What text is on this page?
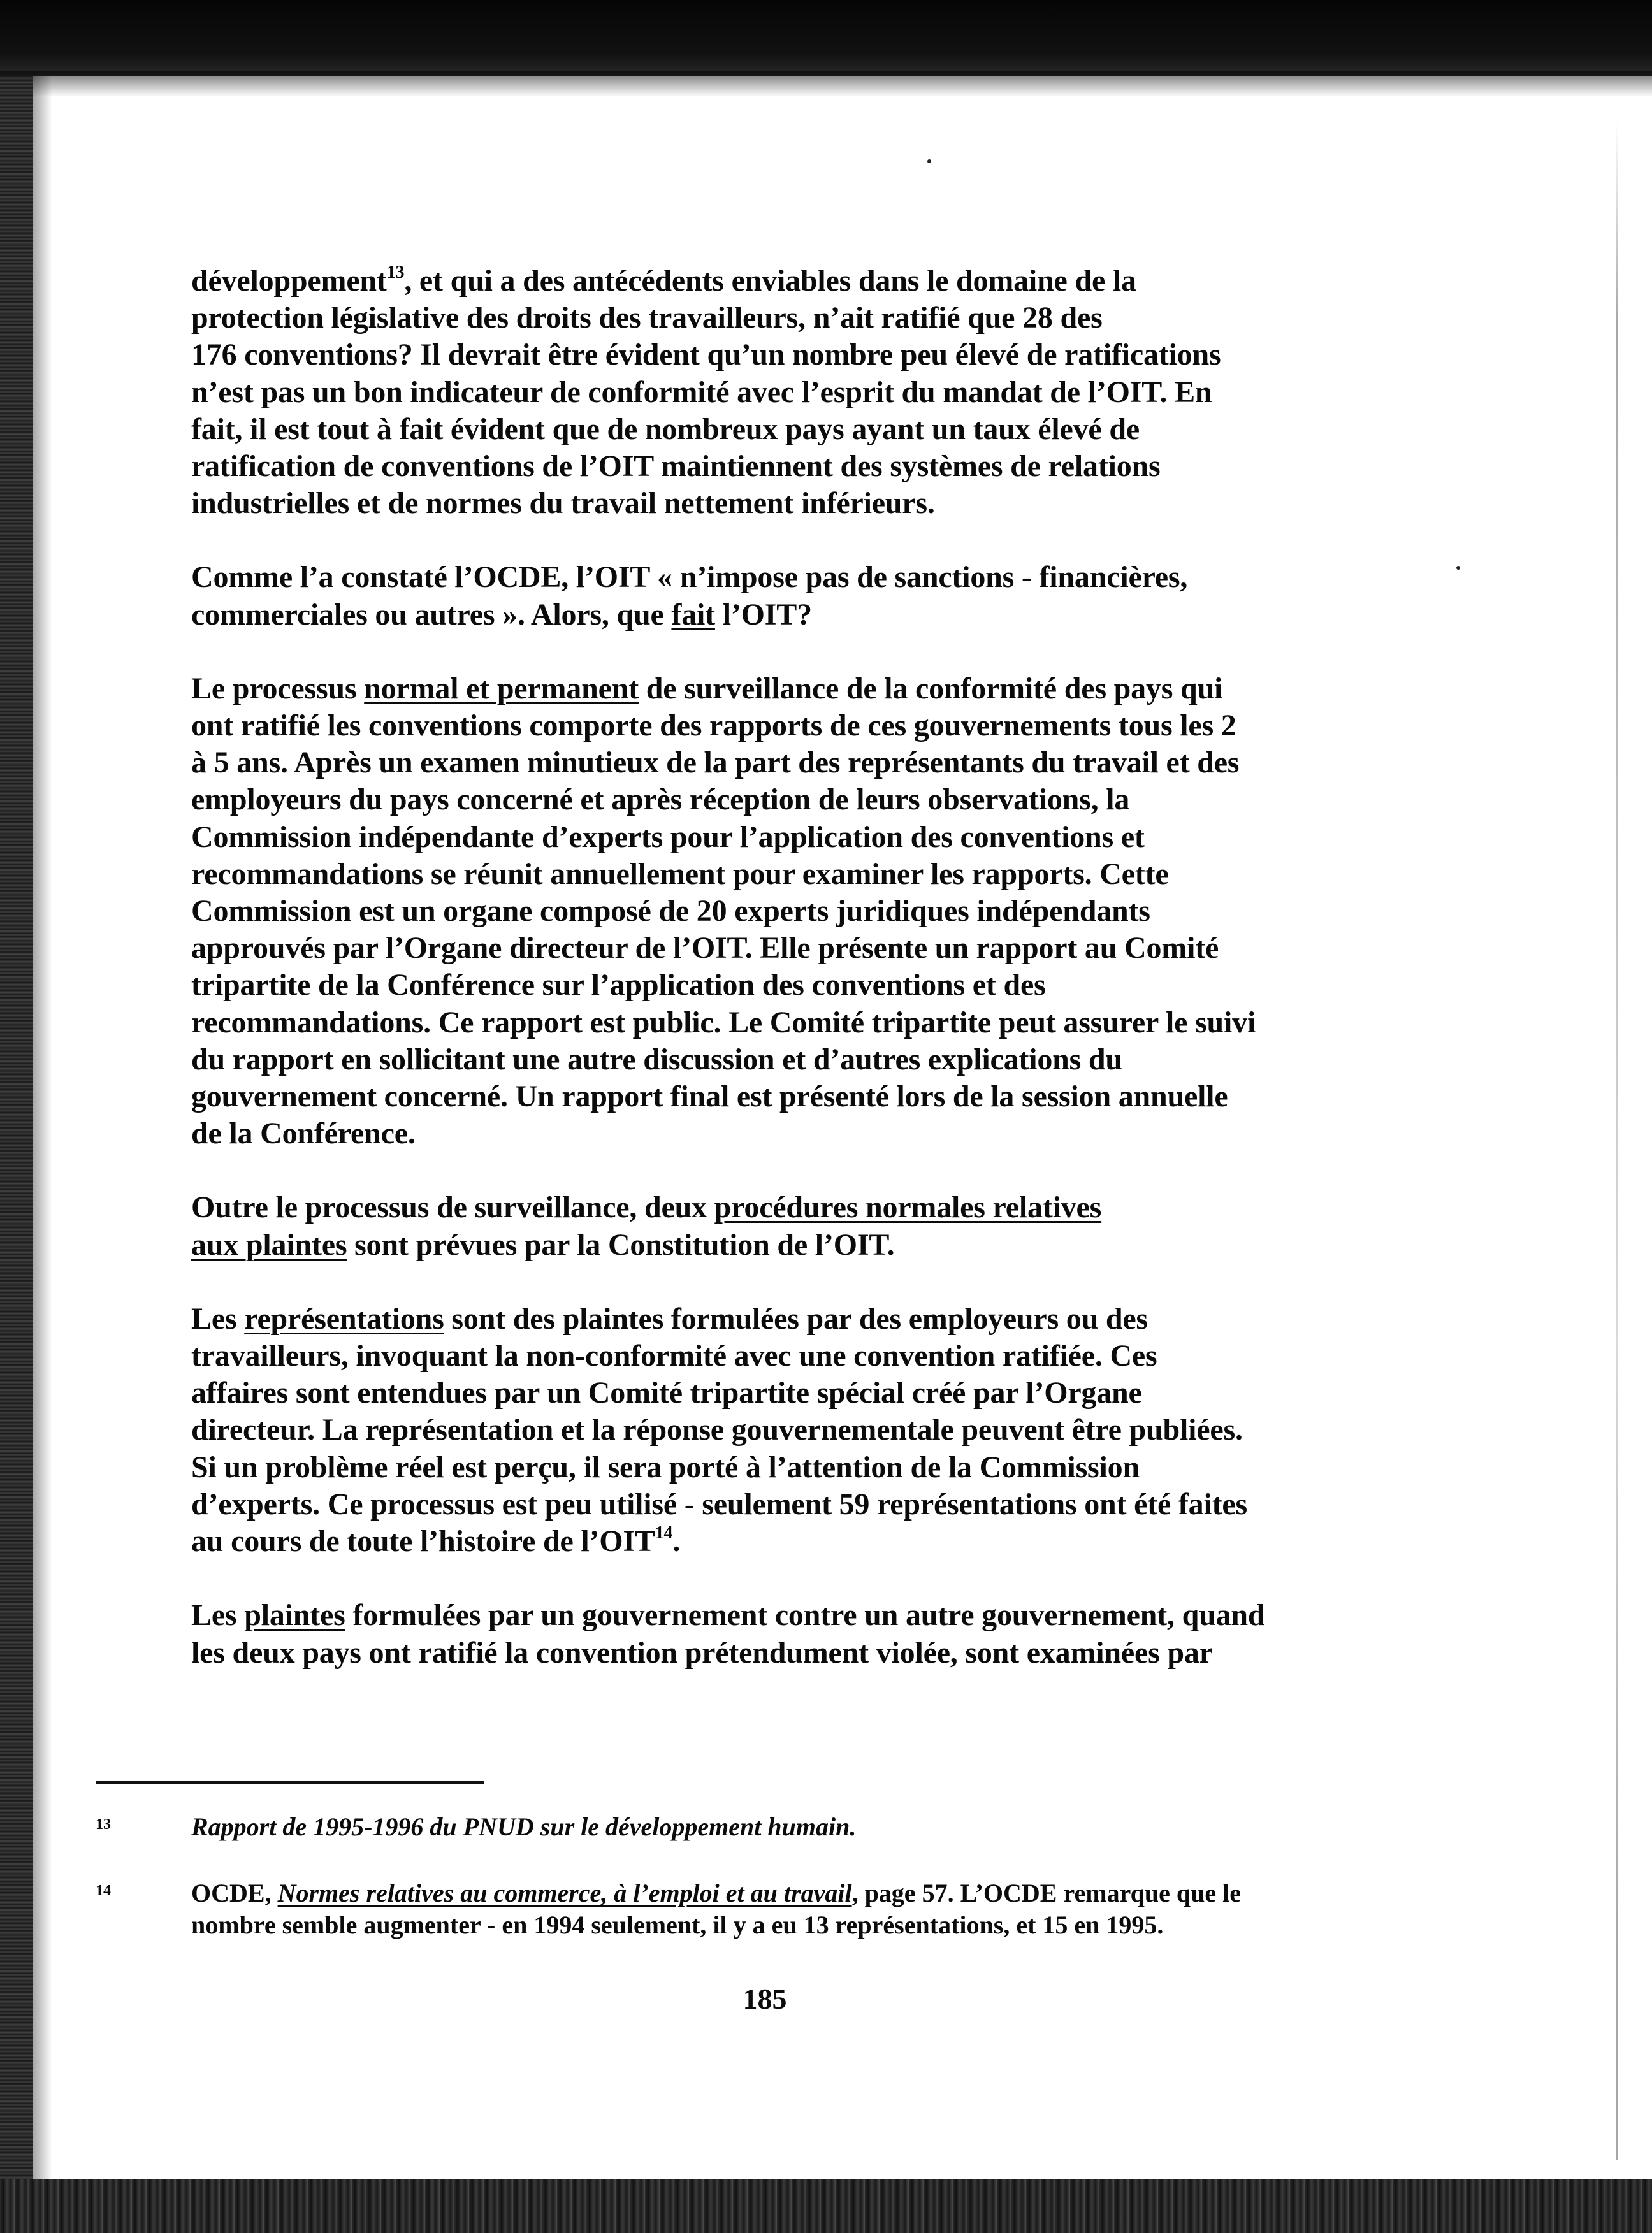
développement$^{13}$, et qui a des antécédents enviables dans le domaine de la
protection législative des droits des travailleurs, n’ait ratifié que 28 des
176 conventions? Il devrait être évident qu’un nombre peu élevé de ratifications
n’est pas un bon indicateur de conformité avec l’esprit du mandat de l’OIT. En
fait, il est tout à fait évident que de nombreux pays ayant un taux élevé de
ratification de conventions de l’OIT maintiennent des systèmes de relations
industrielles et de normes du travail nettement inférieurs.
Comme l’a constaté l’OCDE, l’OIT « n’impose pas de sanctions - financières,
commerciales ou autres ». Alors, que fait l’OIT?
Le processus normal et permanent de surveillance de la conformité des pays qui
ont ratifié les conventions comporte des rapports de ces gouvernements tous les 2
à 5 ans. Après un examen minutieux de la part des représentants du travail et des
employeurs du pays concerné et après réception de leurs observations, la
Commission indépendante d’experts pour l’application des conventions et
recommandations se réunit annuellement pour examiner les rapports. Cette
Commission est un organe composé de 20 experts juridiques indépendants
approuvés par l’Organe directeur de l’OIT. Elle présente un rapport au Comité
tripartite de la Conférence sur l’application des conventions et des
recommandations. Ce rapport est public. Le Comité tripartite peut assurer le suivi
du rapport en sollicitant une autre discussion et d’autres explications du
gouvernement concerné. Un rapport final est présenté lors de la session annuelle
de la Conférence.
Outre le processus de surveillance, deux procédures normales relatives
aux plaintes sont prévues par la Constitution de l’OIT.
Les représentations sont des plaintes formulées par des employeurs ou des
travailleurs, invoquant la non-conformité avec une convention ratifiée. Ces
affaires sont entendues par un Comité tripartite spécial créé par l’Organe
directeur. La représentation et la réponse gouvernementale peuvent être publiées.
Si un problème réel est perçu, il sera porté à l’attention de la Commission
d’experts. Ce processus est peu utilisé - seulement 59 représentations ont été faites
au cours de toute l’histoire de l’OIT$^{14}$.
Les plaintes formulées par un gouvernement contre un autre gouvernement, quand
les deux pays ont ratifié la convention prétendument violée, sont examinées par
13	Rapport de 1995-1996 du PNUD sur le développement humain.
14	OCDE, Normes relatives au commerce, à l’emploi et au travail, page 57. L’OCDE remarque que le
nombre semble augmenter - en 1994 seulement, il y a eu 13 représentations, et 15 en 1995.
185
